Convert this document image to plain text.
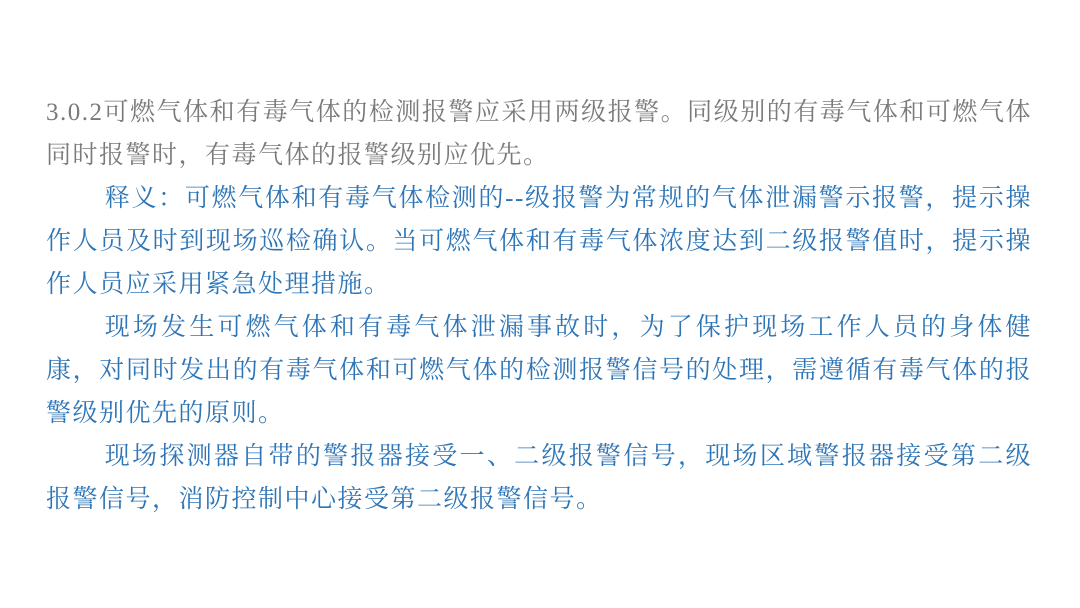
3.0.2可燃气体和有毒气体的检测报警应采用两级报警。同级别的有毒气体和可燃气体同时报警时，有毒气体的报警级别应优先。

释义：可燃气体和有毒气体检测的--级报警为常规的气体泄漏警示报警，提示操作人员及时到现场巡检确认。当可燃气体和有毒气体浓度达到二级报警值时，提示操作人员应采用紧急处理措施。

现场发生可燃气体和有毒气体泄漏事故时，为了保护现场工作人员的身体健康，对同时发出的有毒气体和可燃气体的检测报警信号的处理，需遵循有毒气体的报警级别优先的原则。

现场探测器自带的警报器接受一、二级报警信号，现场区域警报器接受第二级报警信号，消防控制中心接受第二级报警信号。
